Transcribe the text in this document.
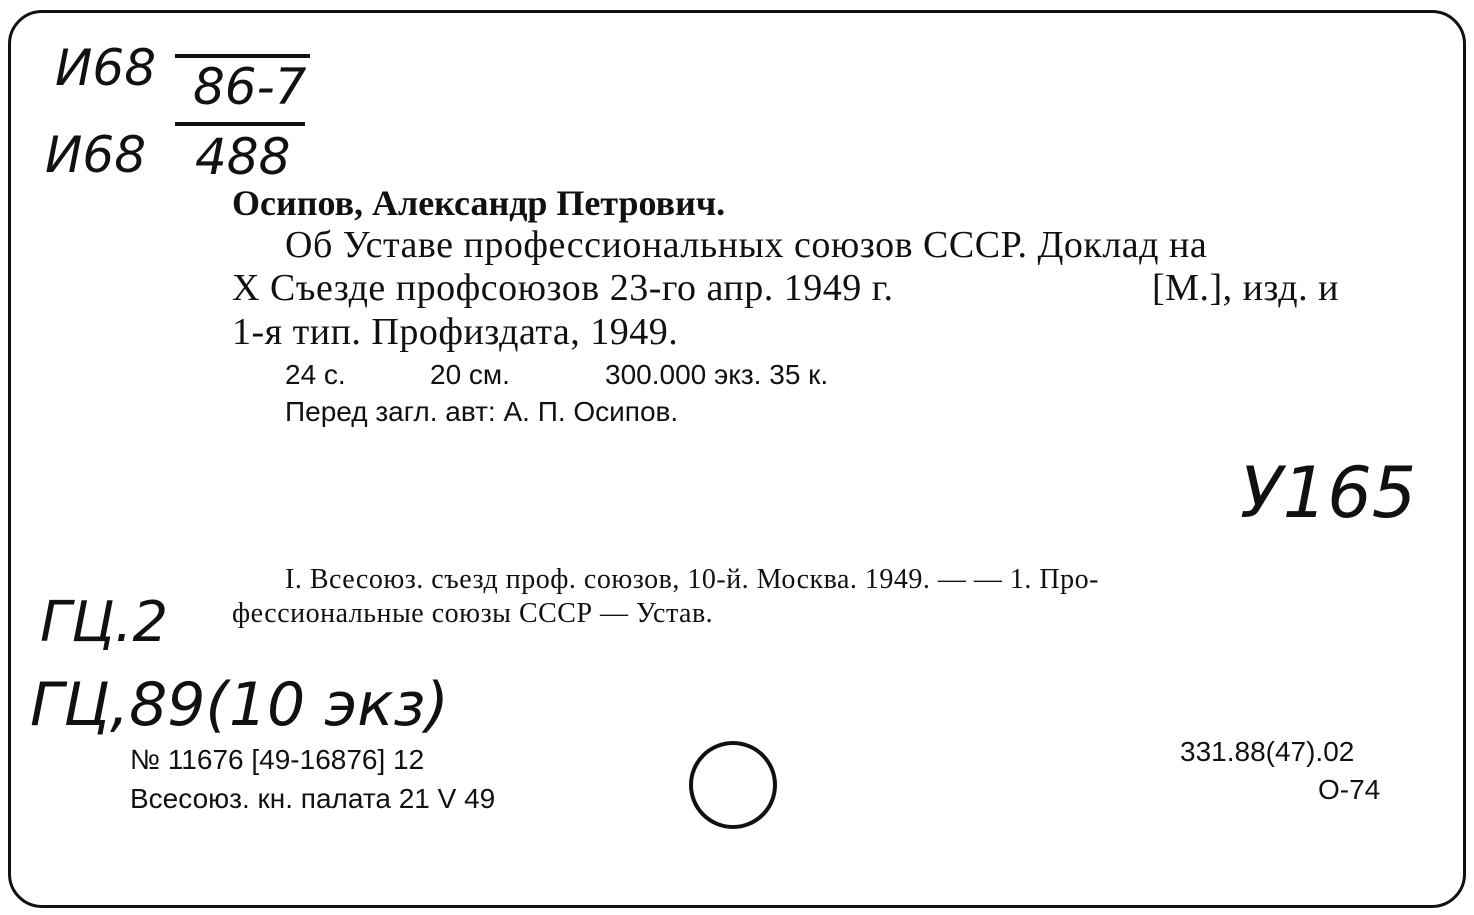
И68 86-7
И68 488
Осипов, Александр Петрович.
Об Уставе профессиональных союзов СССР. Доклад на
Х Съезде профсоюзов 23-го апр. 1949 г.	[М.], изд. и
1-я тип. Профиздата, 1949.
24 с.	20 см.	300.000 экз. 35 к.
Перед загл. авт: А. П. Осипов.
У165
I. Всесоюз. съезд проф. союзов, 10-й. Москва. 1949. — — 1. Про-
фессиональные союзы СССР — Устав.
ГЦ.2
ГЦ,89(10 экз)
№ 11676 [49-16876] 12
Всесоюз. кн. палата 21 V 49
331.88(47).02
О-74
